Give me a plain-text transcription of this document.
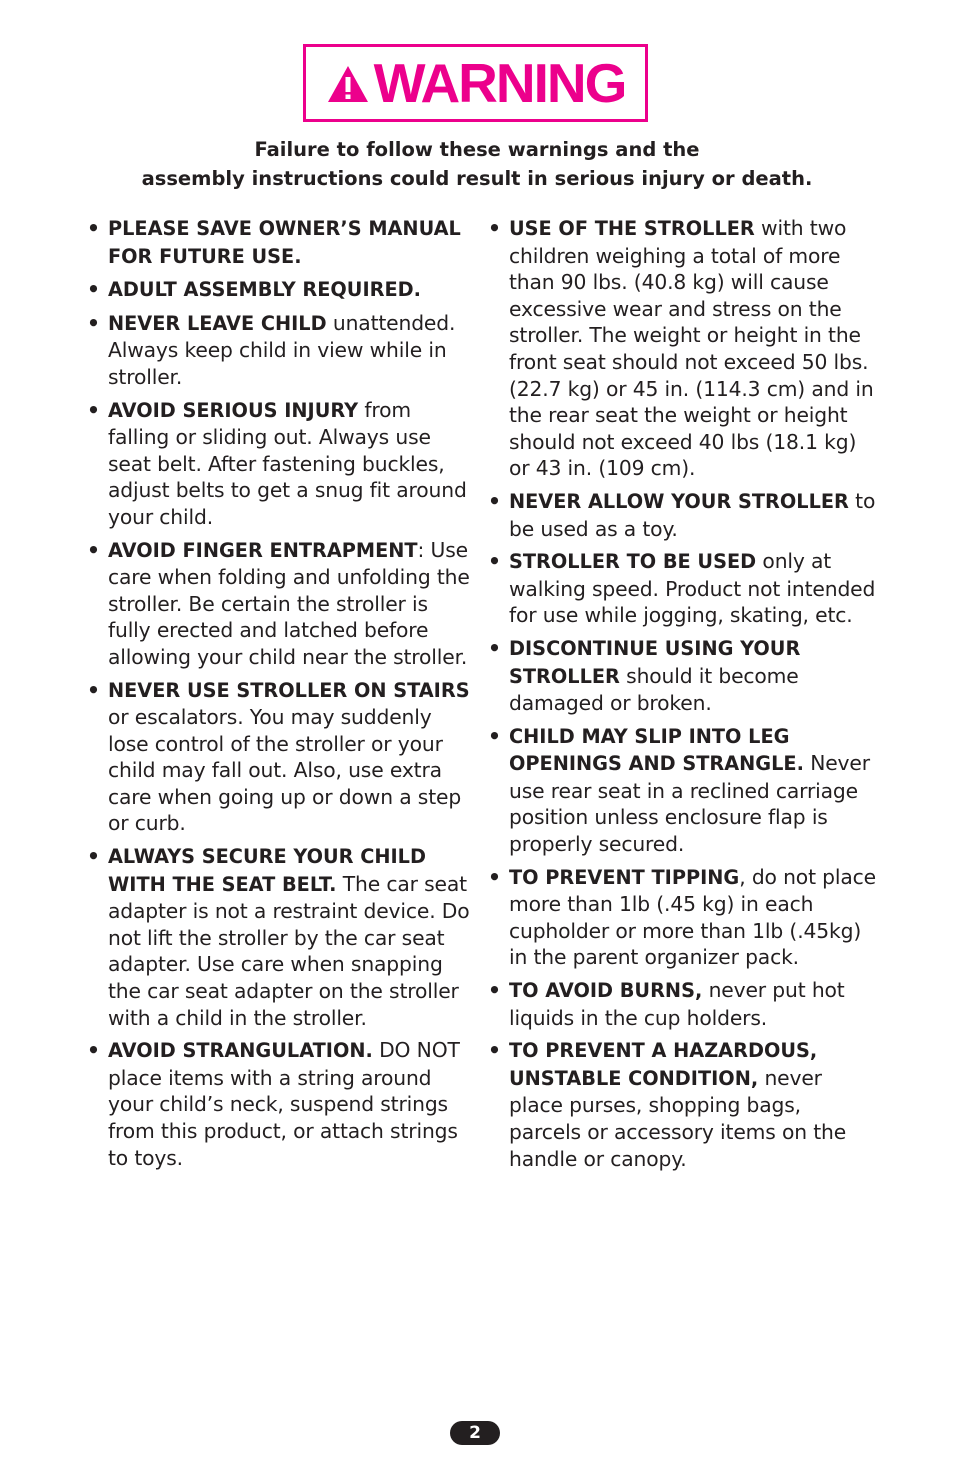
WARNING
Failure to follow these warnings and the
assembly instructions could result in serious injury or death.
• PLEASE SAVE OWNER’S MANUAL FOR FUTURE USE.
• ADULT ASSEMBLY REQUIRED.
• NEVER LEAVE CHILD unattended. Always keep child in view while in stroller.
• AVOID SERIOUS INJURY from falling or sliding out. Always use seat belt. After fastening buckles, adjust belts to get a snug fit around your child.
• AVOID FINGER ENTRAPMENT: Use care when folding and unfolding the stroller. Be certain the stroller is fully erected and latched before allowing your child near the stroller.
• NEVER USE STROLLER ON STAIRS or escalators. You may suddenly lose control of the stroller or your child may fall out. Also, use extra care when going up or down a step or curb.
• ALWAYS SECURE YOUR CHILD WITH THE SEAT BELT. The car seat adapter is not a restraint device. Do not lift the stroller by the car seat adapter. Use care when snapping the car seat adapter on the stroller with a child in the stroller.
• AVOID STRANGULATION. DO NOT place items with a string around your child’s neck, suspend strings from this product, or attach strings to toys.
• USE OF THE STROLLER with two children weighing a total of more than 90 lbs. (40.8 kg) will cause excessive wear and stress on the stroller. The weight or height in the front seat should not exceed 50 lbs. (22.7 kg) or 45 in. (114.3 cm) and in the rear seat the weight or height should not exceed 40 lbs (18.1 kg) or 43 in. (109 cm).
• NEVER ALLOW YOUR STROLLER to be used as a toy.
• STROLLER TO BE USED only at walking speed. Product not intended for use while jogging, skating, etc.
• DISCONTINUE USING YOUR STROLLER should it become damaged or broken.
• CHILD MAY SLIP INTO LEG OPENINGS AND STRANGLE. Never use rear seat in a reclined carriage position unless enclosure flap is properly secured.
• TO PREVENT TIPPING, do not place more than 1lb (.45 kg) in each cupholder or more than 1lb (.45kg) in the parent organizer pack.
• TO AVOID BURNS, never put hot liquids in the cup holders.
• TO PREVENT A HAZARDOUS, UNSTABLE CONDITION, never place purses, shopping bags, parcels or accessory items on the handle or canopy.
2
